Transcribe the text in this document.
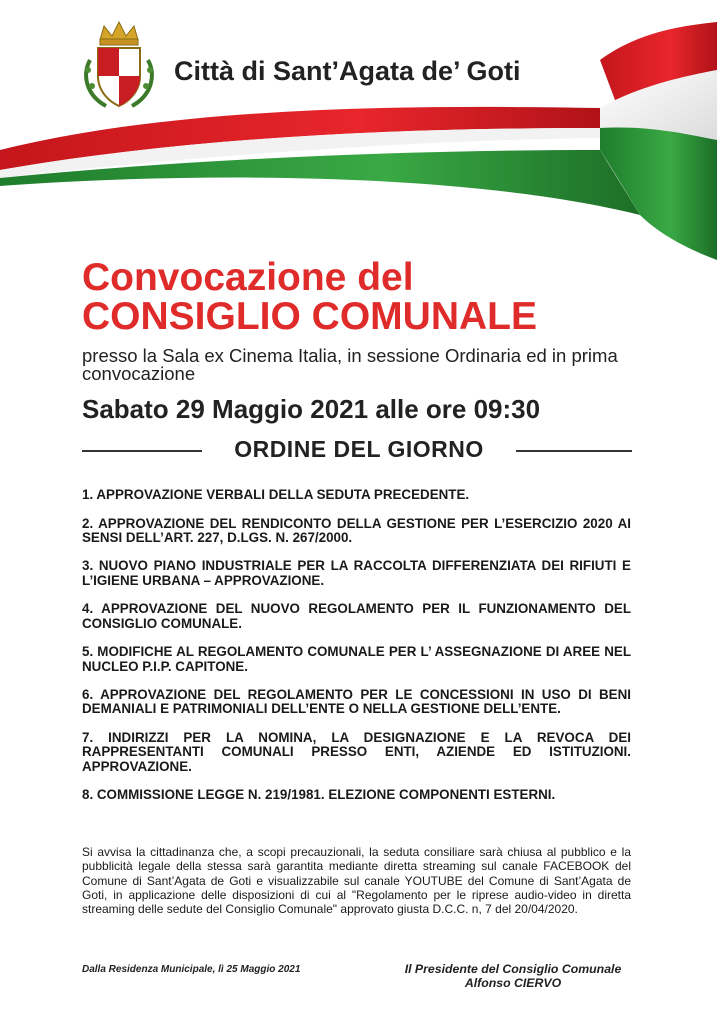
Città di Sant’Agata de’ Goti
Convocazione del
CONSIGLIO COMUNALE
presso la Sala ex Cinema Italia, in sessione Ordinaria ed in prima convocazione
Sabato 29 Maggio 2021 alle ore 09:30
ORDINE DEL GIORNO
1. APPROVAZIONE VERBALI DELLA SEDUTA PRECEDENTE.
2. APPROVAZIONE DEL RENDICONTO DELLA GESTIONE PER L’ESERCIZIO 2020 AI SENSI DELL’ART. 227, D.LGS. N. 267/2000.
3. NUOVO PIANO INDUSTRIALE PER LA RACCOLTA DIFFERENZIATA DEI RIFIUTI E L’IGIENE URBANA – APPROVAZIONE.
4. APPROVAZIONE DEL NUOVO REGOLAMENTO PER IL FUNZIONAMENTO DEL CONSIGLIO COMUNALE.
5. MODIFICHE AL REGOLAMENTO COMUNALE PER L’ ASSEGNAZIONE DI AREE NEL NUCLEO P.I.P. CAPITONE.
6. APPROVAZIONE DEL REGOLAMENTO PER LE CONCESSIONI IN USO DI BENI DEMANIALI E PATRIMONIALI DELL’ENTE O NELLA GESTIONE DELL’ENTE.
7. INDIRIZZI PER LA NOMINA, LA DESIGNAZIONE E LA REVOCA DEI RAPPRESENTANTI COMUNALI PRESSO ENTI, AZIENDE ED ISTITUZIONI. APPROVAZIONE.
8. COMMISSIONE LEGGE N. 219/1981. ELEZIONE COMPONENTI ESTERNI.
Si avvisa la cittadinanza che, a scopi precauzionali, la seduta consiliare sarà chiusa al pubblico e la pubblicità legale della stessa sarà garantita mediante diretta streaming sul canale FACEBOOK del Comune di Sant’Agata de Goti e visualizzabile sul canale YOUTUBE del Comune di Sant’Agata de Goti, in applicazione delle disposizioni di cui al "Regolamento per le riprese audio-video in diretta streaming delle sedute del Consiglio Comunale" approvato giusta D.C.C. n, 7 del 20/04/2020.
Dalla Residenza Municipale, lì 25 Maggio 2021	Il Presidente del Consiglio Comunale
Alfonso CIERVO
